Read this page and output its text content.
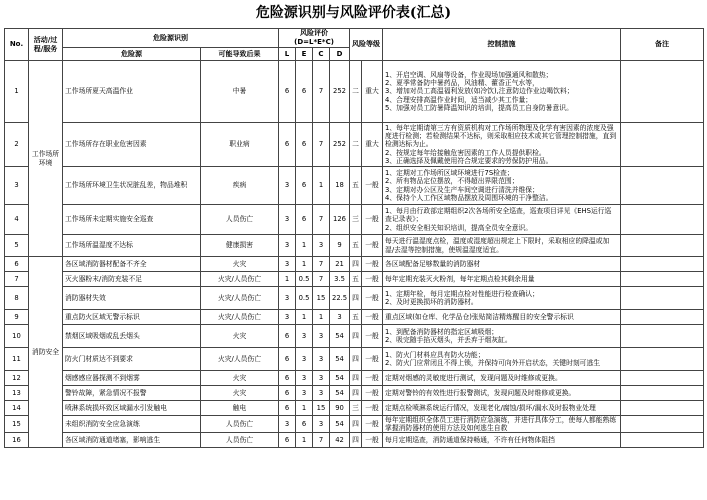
危险源识别与风险评价表(汇总)
No.	活动/过程/服务	危险源识别		风险评价(D=L*E*C)				风险等级		控制措施	备注
		危险源	可能导致后果	L	E	C	D				
1	工作场所环境	工作场所夏天高温作业	中暑	6	6	7	252	二	重大	1、开启空调、风扇等设备，作业现场加强通风和散热；
2、夏季常备防中暑药品，风油精、藿香正气水等，
3、增加对员工高温福利发放(如冷饮),注意防边作业边喝饮料；
4、合理安排高温作业时间，适当减少其工作量；
5、加强对员工防暑降温知识的培训，提高员工自身防暑意识。	
2		工作场所存在职业危害因素	职业病	6	6	7	252	二	重大	1、每年定期请第三方有资质机构对工作场所物理及化学有害因素的浓度及强度进行检测；若检测结果不达标，则采取相应技术或其它管理控制措施，直到检测达标为止。
2、按规定每年给接触危害因素的工作人员提供职检。
3、正确选择及佩戴使用符合规定要求的劳保防护用品。	
3		工作场所环境卫生状况脏乱差，物品堆积	疾病	3	6	1	18	五	一般	1、定期对工作场所区域环境进行7S检查；
2、所有物品定位摆放，不得超出界限范围；
3、定期对办公区及生产车间空调进行清洗并维保；
4、保持个人工作区域物品摆放及周围环境的干净整洁。	
4		工作场所未定期实施安全巡查	人员伤亡	3	6	7	126	三	一般	1、每月由行政部定期组织2次各场所安全巡查，巡查项目详见《EHS运行巡查记录表》；
2、组织安全相关知识培训，提高全员安全意识。	
5		工作场所温湿度不达标	健康损害	3	1	3	9	五	一般	每天进行温湿度点检，温度或湿度超出规定上下限时，采取相应的降温或加湿/去湿等控制措施，使规温湿度适宜。	
6	消防安全	各区域消防器材配备不齐全	火灾	3	1	7	21	四	一般	各区域配备足够数量的消防器材	
7		灭火器粉末/消防充装不足	火灾/人员伤亡	1	0.5	7	3.5	五	一般	每年定期充装灭火粉剂，每年定期点检其剩余用量	
8		消防器材失效	火灾/人员伤亡	3	0.5	15	22.5	四	一般	1、定期年检，每月定期点检对性能进行检查确认；
2、及时更换损坏的消防器材。	
9		重点防火区域无警示标识	火灾/人员伤亡	3	1	1	3	五	一般	重点区域(如仓库、化学品仓)张贴简洁精炼醒目的安全警示标识	
10		禁烟区域吸烟或乱丢烟头	火灾	6	3	3	54	四	一般	1、到配备消防器材的指定区域吸烟；
2、吸完随手掐灭烟头，并丢弃于烟灰缸。	
11		防火门材质达不到要求	火灾/人员伤亡	6	3	3	54	四	一般	1、防火门材料应具有防火功能；
2、防火门应常闭且不得上锁，并保持可向外开启状态，关键时刻可逃生	
12		烟感感应器探测不到烟雾	火灾	6	3	3	54	四	一般	定期对烟感的灵敏度进行测试，发现问题及时维修或更换。	
13		警铃故障，紧急情况不报警	火灾	6	3	3	54	四	一般	定期对警铃的有效性进行报警测试，发现问题及时维修或更换。	
14		喷淋系统损坏致区域漏水引发触电	触电	6	1	15	90	三	一般	定期点检喷淋系统运行情况，发现老化/腐蚀/损坏/漏水及时报物业处理	
15		未组织消防安全应急演练	人员伤亡	3	6	3	54	四	一般	每年定期组织全体员工进行消防应急演练，并进行具体分工，使每人都能熟练掌握消防器材的使用方法及如何逃生自救	
16		各区域消防通道堵塞，影响逃生	人员伤亡	6	1	7	42	四	一般	每月定期巡查，消防通道保持畅通，不许有任何物体阻挡	
